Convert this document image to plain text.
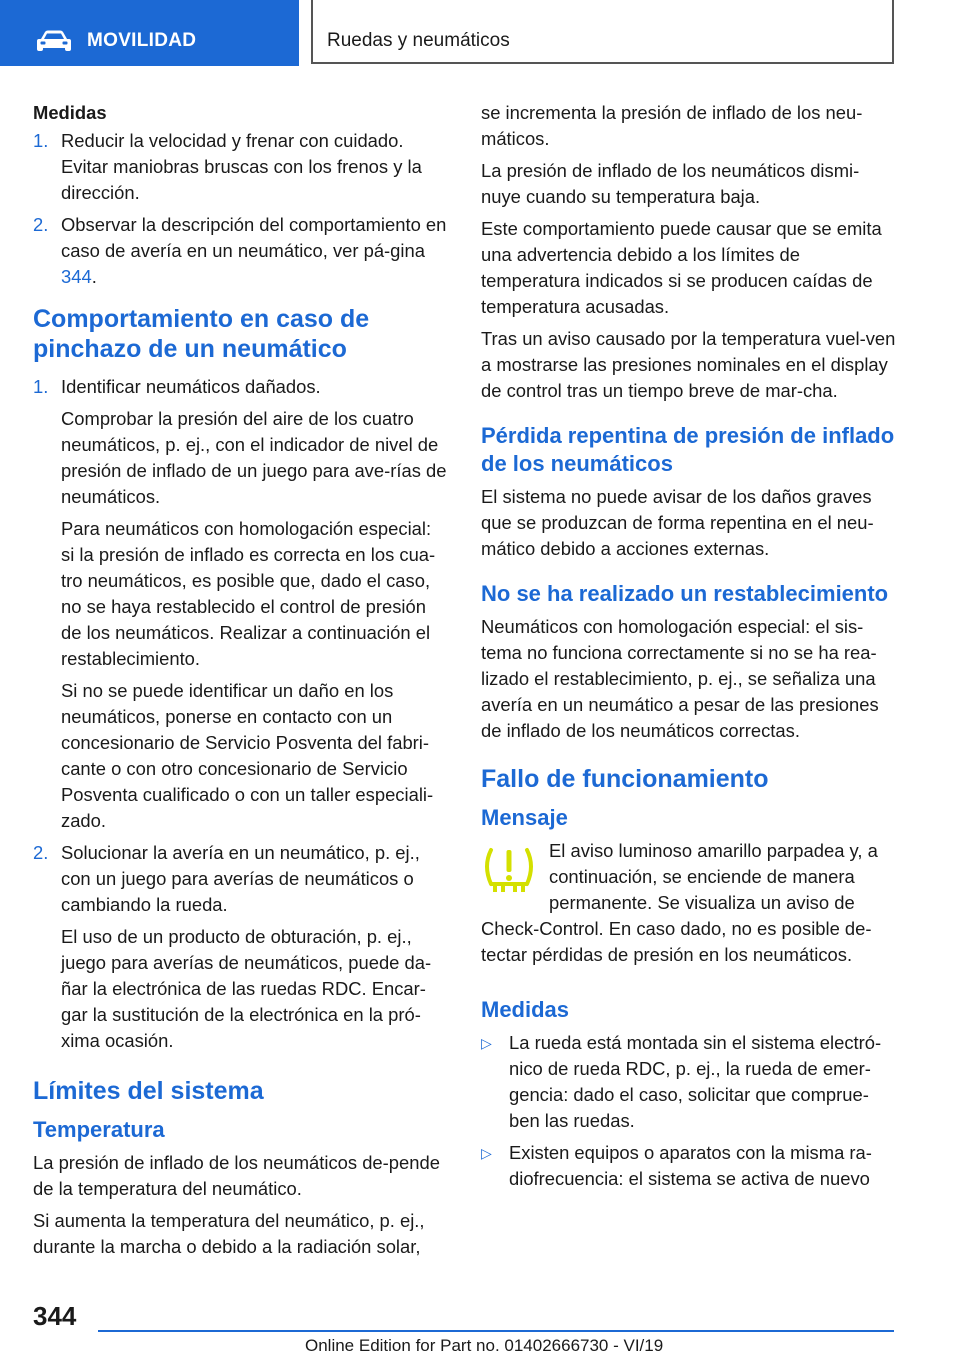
MOVILIDAD	Ruedas y neumáticos
Medidas
1. Reducir la velocidad y frenar con cuidado. Evitar maniobras bruscas con los frenos y la dirección.
2. Observar la descripción del comportamiento en caso de avería en un neumático, ver pá‐gina 344.
Comportamiento en caso de pinchazo de un neumático
1. Identificar neumáticos dañados.

Comprobar la presión del aire de los cuatro neumáticos, p. ej., con el indicador de nivel de presión de inflado de un juego para ave‐rías de neumáticos.

Para neumáticos con homologación especial: si la presión de inflado es correcta en los cua‐tro neumáticos, es posible que, dado el caso, no se haya restablecido el control de presión de los neumáticos. Realizar a continuación el restablecimiento.

Si no se puede identificar un daño en los neumáticos, ponerse en contacto con un concesionario de Servicio Posventa del fabri‐cante o con otro concesionario de Servicio Posventa cualificado o con un taller especiali‐zado.

2. Solucionar la avería en un neumático, p. ej., con un juego para averías de neumáticos o cambiando la rueda.

El uso de un producto de obturación, p. ej., juego para averías de neumáticos, puede da‐ñar la electrónica de las ruedas RDC. Encar‐gar la sustitución de la electrónica en la pró‐xima ocasión.

Límites del sistema
Temperatura

La presión de inflado de los neumáticos de‐pende de la temperatura del neumático.

Si aumenta la temperatura del neumático, p. ej., durante la marcha o debido a la radiación solar,

se incrementa la presión de inflado de los neu‐máticos.

La presión de inflado de los neumáticos dismi‐nuye cuando su temperatura baja.

Este comportamiento puede causar que se emita una advertencia debido a los límites de temperatura indicados si se producen caídas de temperatura acusadas.

Tras un aviso causado por la temperatura vuel‐ven a mostrarse las presiones nominales en el display de control tras un tiempo breve de mar‐cha.

Pérdida repentina de presión de inflado de los neumáticos

El sistema no puede avisar de los daños graves que se produzcan de forma repentina en el neu‐mático debido a acciones externas.

No se ha realizado un restablecimiento

Neumáticos con homologación especial: el sis‐tema no funciona correctamente si no se ha rea‐lizado el restablecimiento, p. ej., se señaliza una avería en un neumático a pesar de las presiones de inflado de los neumáticos correctas.

Fallo de funcionamiento
Mensaje

El aviso luminoso amarillo parpadea y, a continuación, se enciende de manera permanente. Se visualiza un aviso de Check-Control. En caso dado, no es posible de‐tectar pérdidas de presión en los neumáticos.

Medidas
▷ La rueda está montada sin el sistema electró‐nico de rueda RDC, p. ej., la rueda de emer‐gencia: dado el caso, solicitar que comprue‐ben las ruedas.
▷ Existen equipos o aparatos con la misma ra‐diofrecuencia: el sistema se activa de nuevo
344
Online Edition for Part no. 01402666730 - VI/19
